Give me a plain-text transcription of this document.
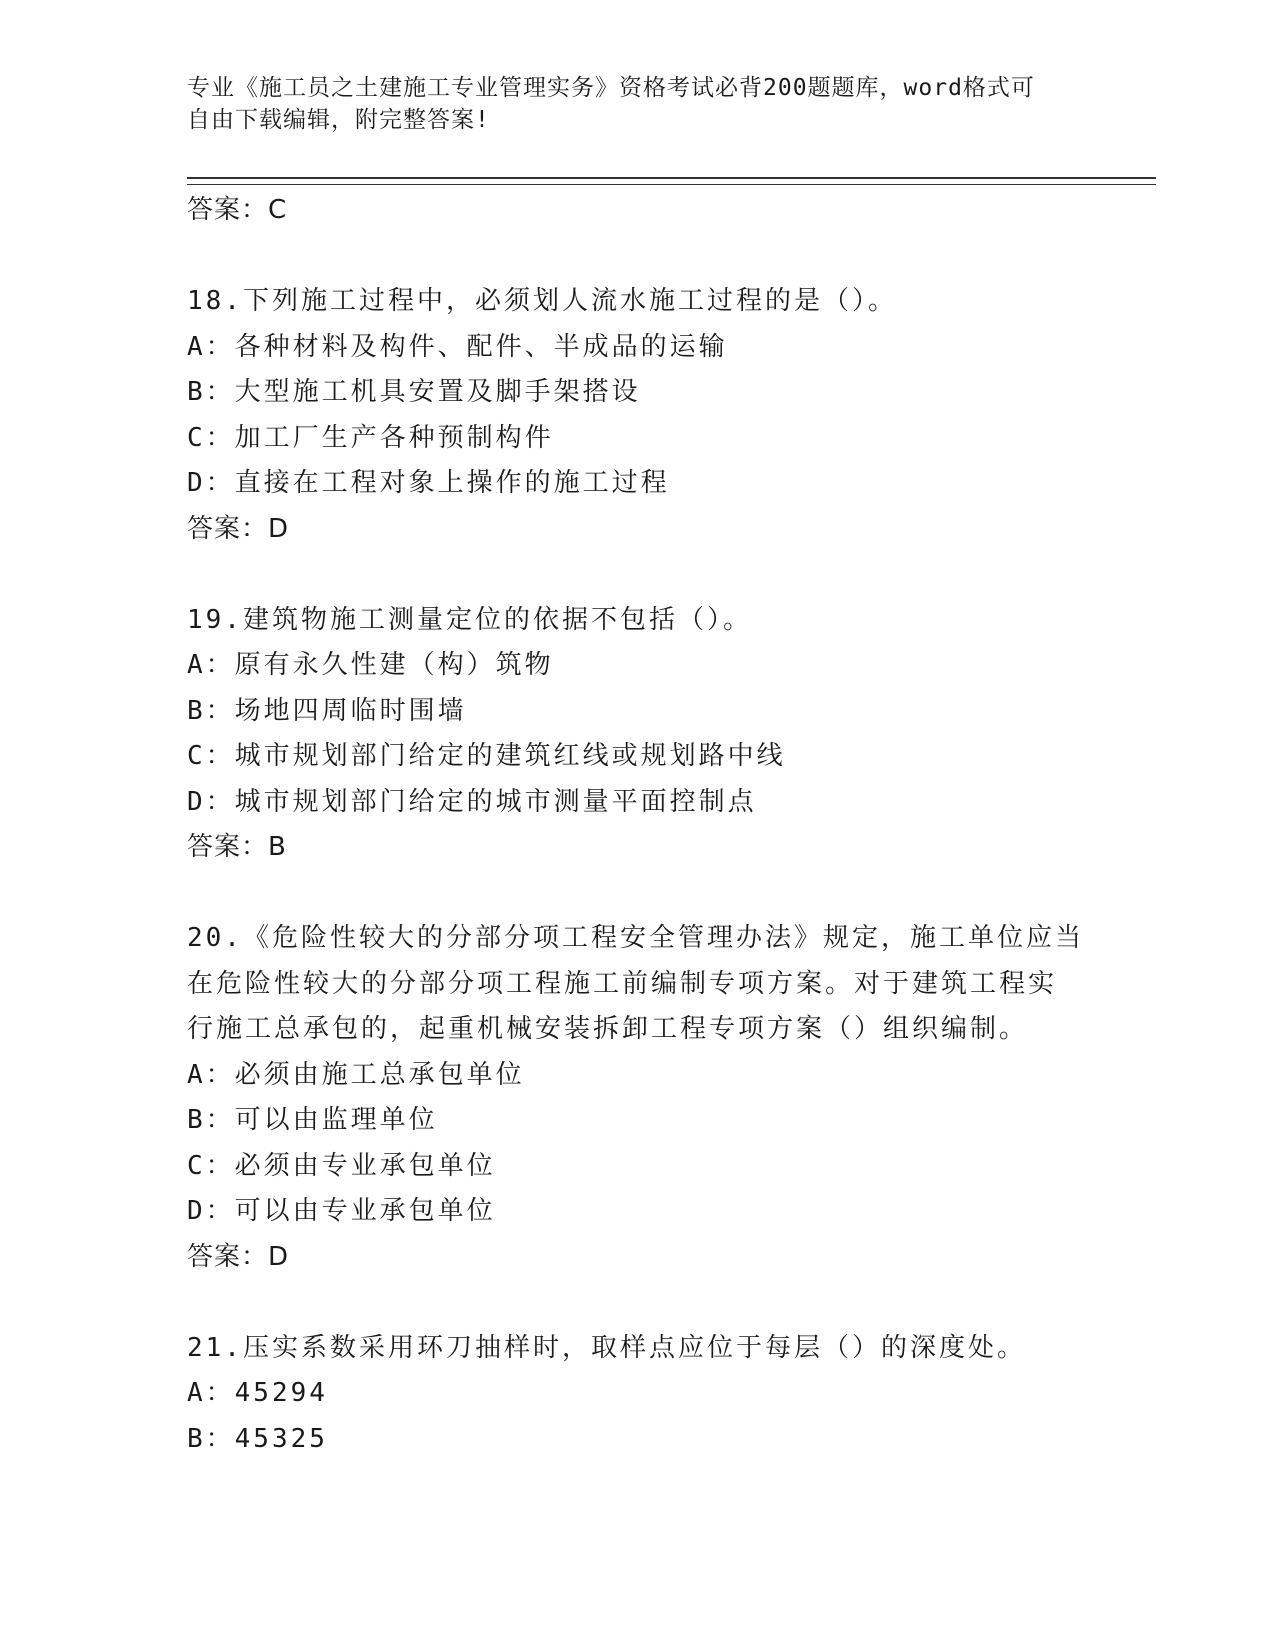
专业《施工员之土建施工专业管理实务》资格考试必背200题题库，word格式可
自由下载编辑，附完整答案!
答案：C
18.下列施工过程中，必须划人流水施工过程的是（）。
A：各种材料及构件、配件、半成品的运输
B：大型施工机具安置及脚手架搭设
C：加工厂生产各种预制构件
D：直接在工程对象上操作的施工过程
答案：D
19.建筑物施工测量定位的依据不包括（）。
A：原有永久性建（构）筑物
B：场地四周临时围墙
C：城市规划部门给定的建筑红线或规划路中线
D：城市规划部门给定的城市测量平面控制点
答案：B
20.《危险性较大的分部分项工程安全管理办法》规定，施工单位应当
在危险性较大的分部分项工程施工前编制专项方案。对于建筑工程实
行施工总承包的，起重机械安装拆卸工程专项方案（）组织编制。
A：必须由施工总承包单位
B：可以由监理单位
C：必须由专业承包单位
D：可以由专业承包单位
答案：D
21.压实系数采用环刀抽样时，取样点应位于每层（）的深度处。
A：45294
B：45325
